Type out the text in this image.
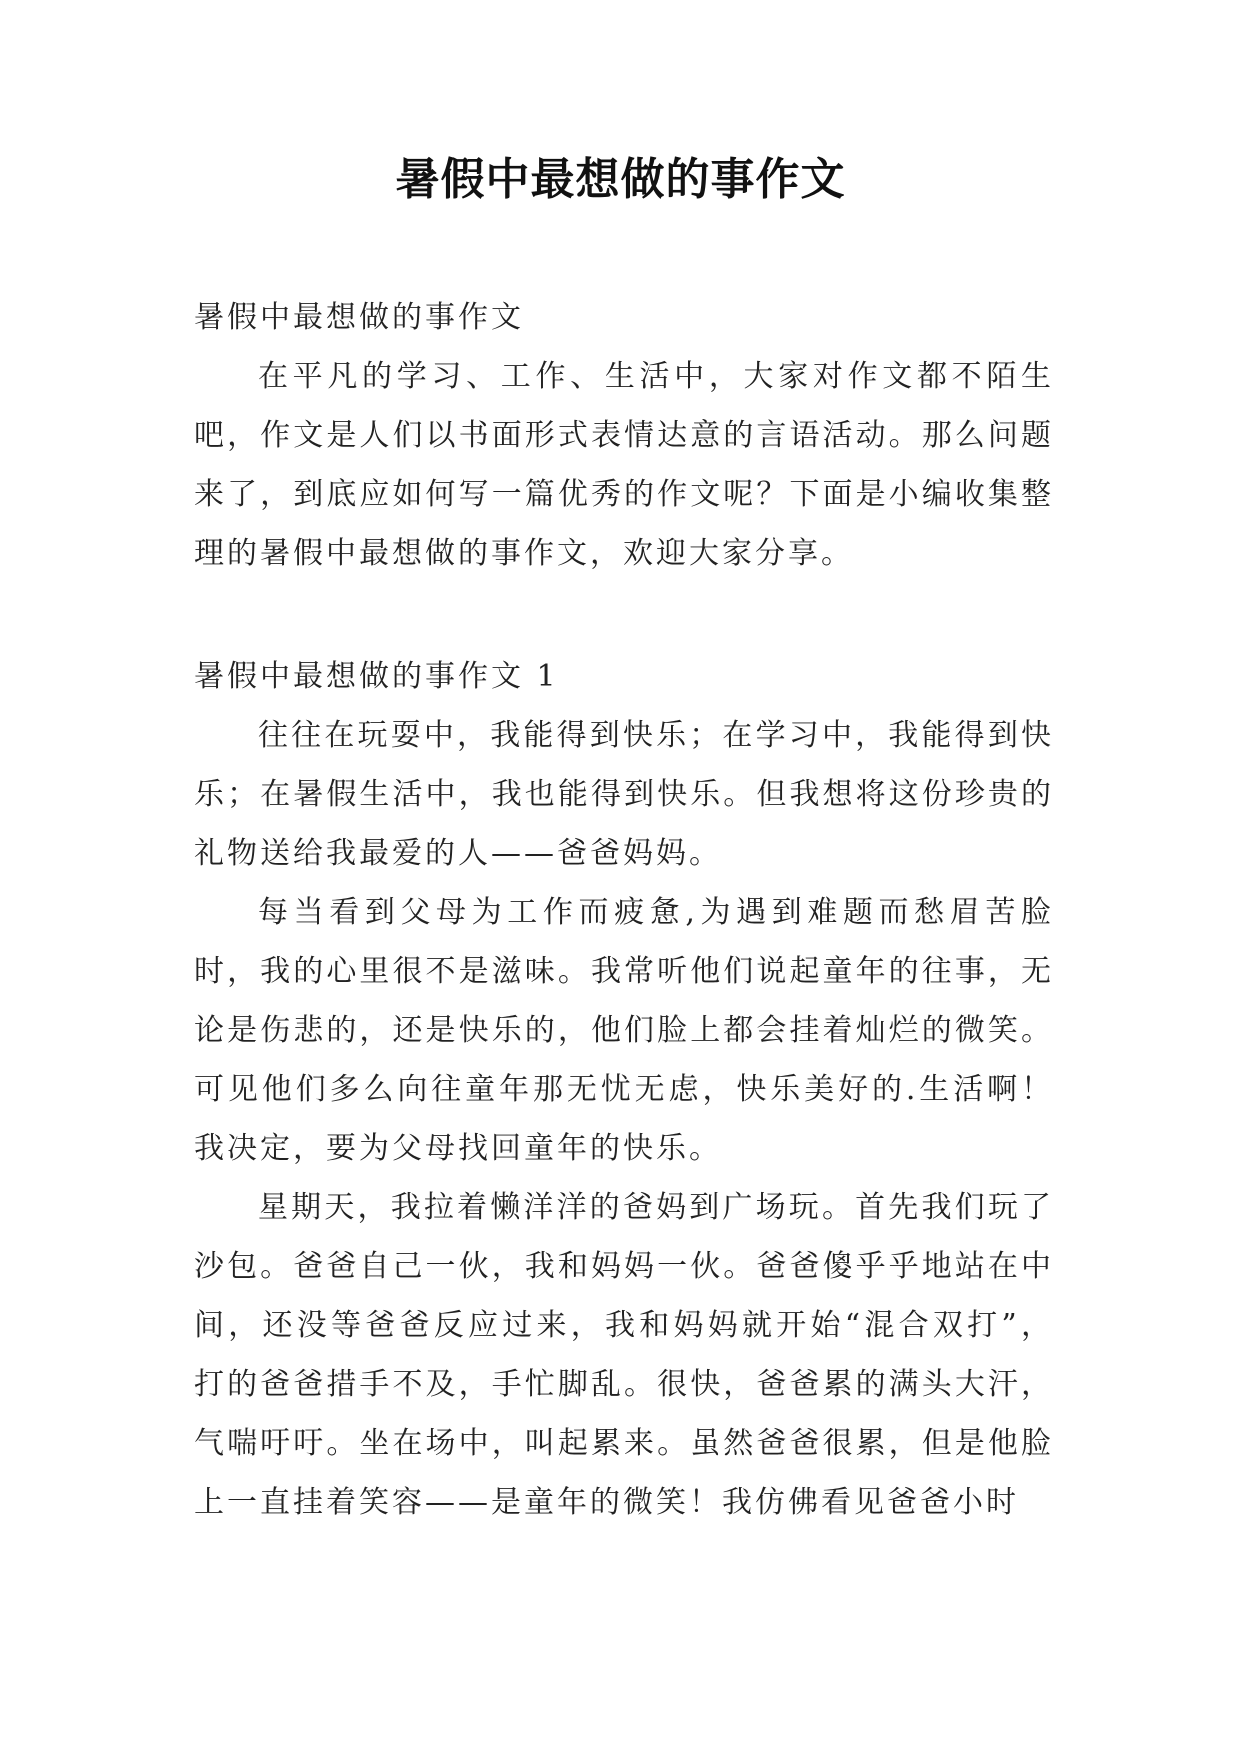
暑假中最想做的事作文

暑假中最想做的事作文

在平凡的学习、工作、生活中，大家对作文都不陌生吧，作文是人们以书面形式表情达意的言语活动。那么问题来了，到底应如何写一篇优秀的作文呢？下面是小编收集整理的暑假中最想做的事作文，欢迎大家分享。

暑假中最想做的事作文 1

往往在玩耍中，我能得到快乐；在学习中，我能得到快乐；在暑假生活中，我也能得到快乐。但我想将这份珍贵的礼物送给我最爱的人——爸爸妈妈。

每当看到父母为工作而疲惫,为遇到难题而愁眉苦脸时，我的心里很不是滋味。我常听他们说起童年的往事，无论是伤悲的，还是快乐的，他们脸上都会挂着灿烂的微笑。可见他们多么向往童年那无忧无虑，快乐美好的.生活啊！我决定，要为父母找回童年的快乐。

星期天，我拉着懒洋洋的爸妈到广场玩。首先我们玩了沙包。爸爸自己一伙，我和妈妈一伙。爸爸傻乎乎地站在中间，还没等爸爸反应过来，我和妈妈就开始“混合双打”，打的爸爸措手不及，手忙脚乱。很快，爸爸累的满头大汗，气喘吁吁。坐在场中，叫起累来。虽然爸爸很累，但是他脸上一直挂着笑容——是童年的微笑！我仿佛看见爸爸小时
